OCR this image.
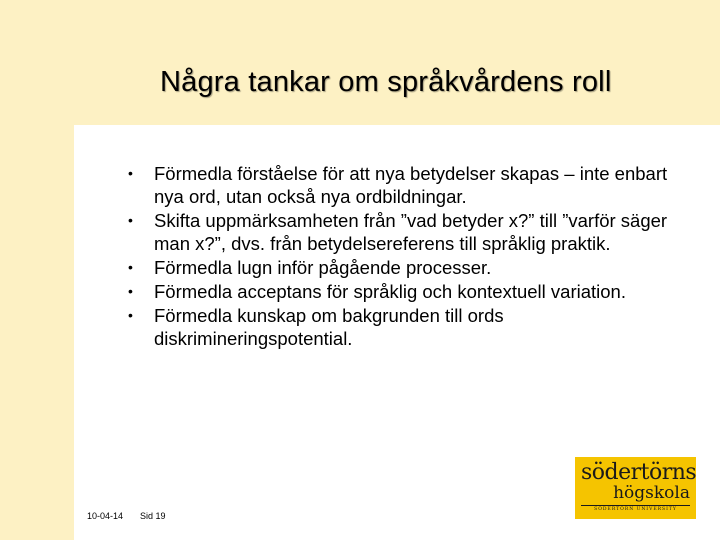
Några tankar om språkvårdens roll
• Förmedla förståelse för att nya betydelser skapas – inte enbart nya ord, utan också nya ordbildningar.
• Skifta uppmärksamheten från ”vad betyder x?” till ”varför säger man x?”, dvs. från betydelsereferens till språklig praktik.
• Förmedla lugn inför pågående processer.
• Förmedla acceptans för språklig och kontextuell variation.
• Förmedla kunskap om bakgrunden till ords diskrimineringspotential.
10-04-14 Sid 19
södertörns
högskola
SÖDERTÖRN UNIVERSITY
